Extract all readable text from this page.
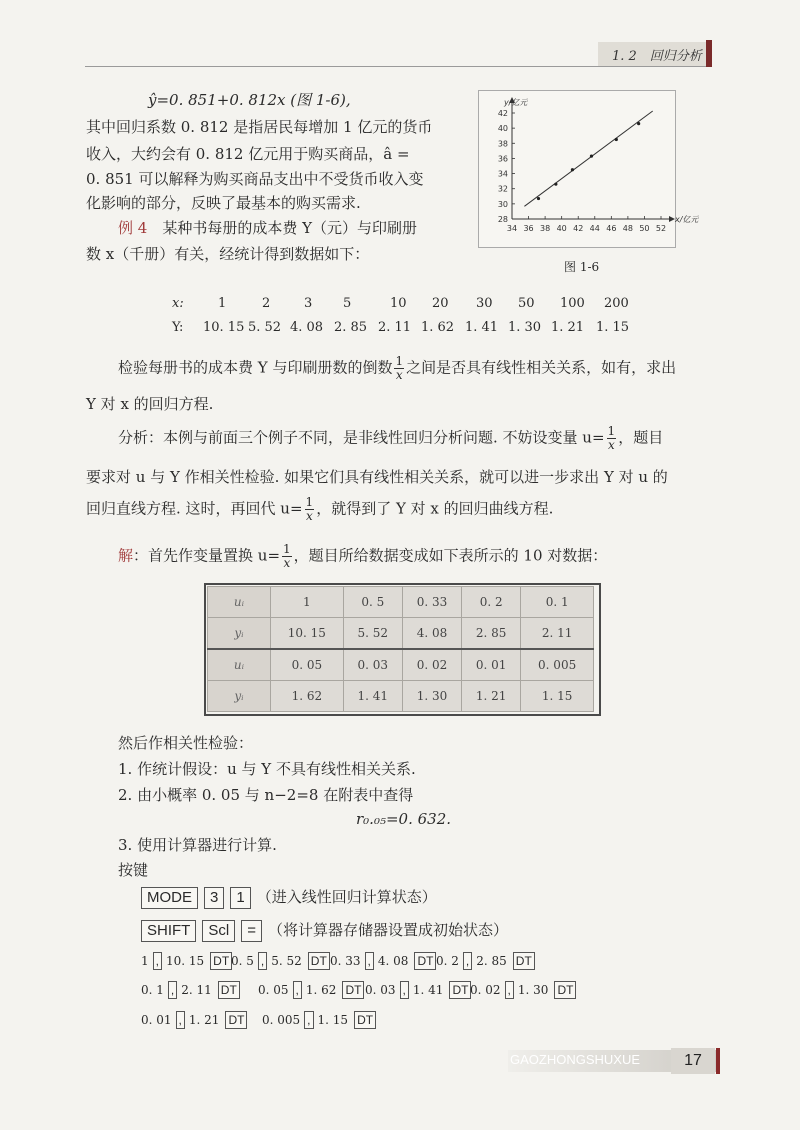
1. 2　回归分析
ŷ=0. 851+0. 812x (图 1-6),
其中回归系数 0. 812 是指居民每增加 1 亿元的货币
收入，大约会有 0. 812 亿元用于购买商品，â =
0. 851 可以解释为购买商品支出中不受货币收入变
化影响的部分，反映了最基本的购买需求.
例 4　 某种书每册的成本费 Y（元）与印刷册
数 x（千册）有关，经统计得到数据如下：
34 36 38 40 42 44 46 48 50 52
28
30
32
34
36
38
40
42
y/亿元
x/亿元
图 1-6
x:	1	2	3 5	10 20 30 50 100 200
Y: 10. 15 5. 52 4. 08 2. 85 2. 11 1. 62 1. 41 1. 30 1. 21 1. 15
检验每册书的成本费 Y 与印刷册数的倒数 $\frac{1}{x}$ 之间是否具有线性相关关系，如有，求出
Y 对 x 的回归方程.
分析：本例与前面三个例子不同，是非线性回归分析问题. 不妨设变量 $u= \frac{1}{x}$ ，题目
要求对 u 与 Y 作相关性检验. 如果它们具有线性相关关系，就可以进一步求出 Y 对 u 的
回归直线方程. 这时，再回代 $u= \frac{1}{x}$ ，就得到了 Y 对 x 的回归曲线方程.
解：首先作变量置换 $u= \frac{1}{x}$ ，题目所给数据变成如下表所示的 10 对数据：
uᵢ	1	0. 5	0. 33	0. 2	0. 1
yᵢ	10. 15	5. 52	4. 08	2. 85	2. 11
uᵢ	0. 05	0. 03	0. 02	0. 01	0. 005
yᵢ	1. 62	1. 41	1. 30	1. 21	1. 15
然后作相关性检验：
1. 作统计假设：u 与 Y 不具有线性相关关系.
2. 由小概率 0. 05 与 n−2=8 在附表中查得
r₀.₀₅=0. 632.
3. 使用计算器进行计算.
按键
MODE 3 1 （进入线性回归计算状态）
SHIFT Scl = （将计算器存储器设置成初始状态）
1 , 10. 15 DT 0. 5 , 5. 52 DT 0. 33 , 4. 08 DT 0. 2 , 2. 85 DT
0. 1 , 2. 11 DT 0. 05 , 1. 62 DT 0. 03 , 1. 41 DT 0. 02 , 1. 30 DT
0. 01 , 1. 21 DT 0. 005 , 1. 15 DT
GAOZHONGSHUXUE	17
